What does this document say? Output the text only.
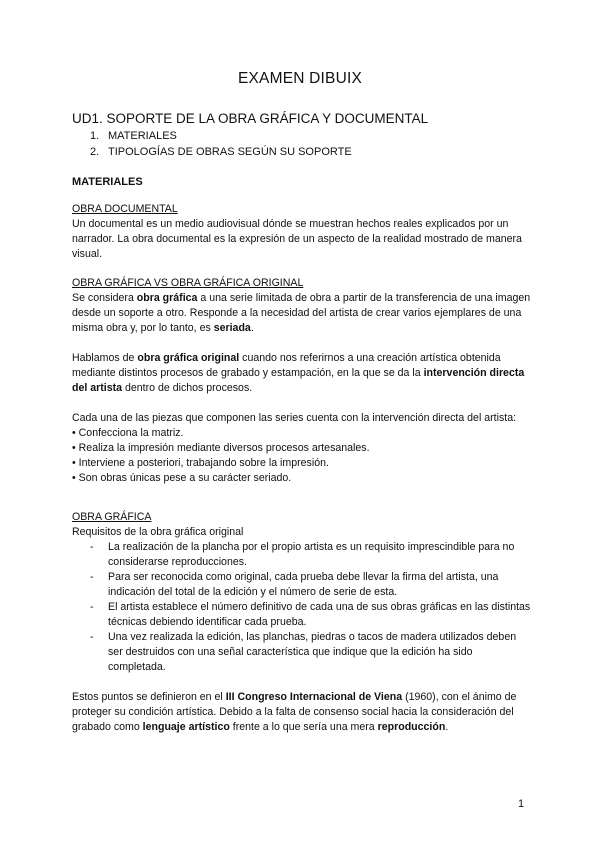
EXAMEN DIBUIX
UD1. SOPORTE DE LA OBRA GRÁFICA Y DOCUMENTAL
1. MATERIALES
2. TIPOLOGÍAS DE OBRAS SEGÚN SU SOPORTE
MATERIALES
OBRA DOCUMENTAL

Un documental es un medio audiovisual dónde se muestran hechos reales explicados por un narrador. La obra documental es la expresión de un aspecto de la realidad mostrado de manera visual.

OBRA GRÁFICA VS OBRA GRÁFICA ORIGINAL

Se considera obra gráfica a una serie limitada de obra a partir de la transferencia de una imagen desde un soporte a otro. Responde a la necesidad del artista de crear varios ejemplares de una misma obra y, por lo tanto, es seriada.

Hablamos de obra gráfica original cuando nos referirnos a una creación artística obtenida mediante distintos procesos de grabado y estampación, en la que se da la intervención directa del artista dentro de dichos procesos.

Cada una de las piezas que componen las series cuenta con la intervención directa del artista:

• Confecciona la matriz.
• Realiza la impresión mediante diversos procesos artesanales.
• Interviene a posteriori, trabajando sobre la impresión.
• Son obras únicas pese a su carácter seriado.
OBRA GRÁFICA

Requisitos de la obra gráfica original

- La realización de la plancha por el propio artista es un requisito imprescindible para no considerarse reproducciones.
- Para ser reconocida como original, cada prueba debe llevar la firma del artista, una indicación del total de la edición y el número de serie de esta.
- El artista establece el número definitivo de cada una de sus obras gráficas en las distintas técnicas debiendo identificar cada prueba.
- Una vez realizada la edición, las planchas, piedras o tacos de madera utilizados deben ser destruidos con una señal característica que indique que la edición ha sido completada.

Estos puntos se definieron en el III Congreso Internacional de Viena (1960), con el ánimo de proteger su condición artística. Debido a la falta de consenso social hacia la consideración del grabado como lenguaje artístico frente a lo que sería una mera reproducción.

1
